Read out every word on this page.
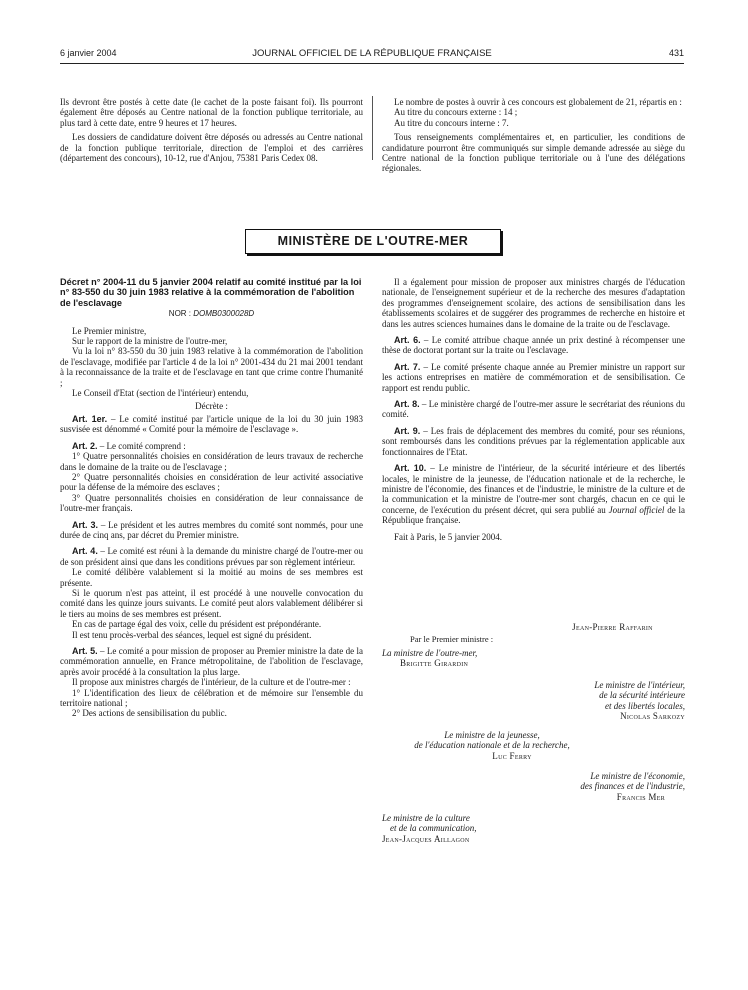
6 janvier 2004	JOURNAL OFFICIEL DE LA RÉPUBLIQUE FRANÇAISE	431

Ils devront être postés à cette date (le cachet de la poste faisant foi). Ils pourront également être déposés au Centre national de la fonction publique territoriale, au plus tard à cette date, entre 9 heures et 17 heures.

Les dossiers de candidature doivent être déposés ou adressés au Centre national de la fonction publique territoriale, direction de l'emploi et des carrières (département des concours), 10-12, rue d'Anjou, 75381 Paris Cedex 08.

Le nombre de postes à ouvrir à ces concours est globalement de 21, répartis en :

Au titre du concours externe : 14 ;

Au titre du concours interne : 7.

Tous renseignements complémentaires et, en particulier, les conditions de candidature pourront être communiqués sur simple demande adressée au siège du Centre national de la fonction publique territoriale ou à l'une des délégations régionales.

MINISTÈRE DE L'OUTRE-MER
Décret n° 2004-11 du 5 janvier 2004 relatif au comité institué par la loi n° 83-550 du 30 juin 1983 relative à la commémoration de l'abolition de l'esclavage
NOR : DOMB0300028D

Le Premier ministre,

Sur le rapport de la ministre de l'outre-mer,

Vu la loi n° 83-550 du 30 juin 1983 relative à la commémoration de l'abolition de l'esclavage, modifiée par l'article 4 de la loi n° 2001-434 du 21 mai 2001 tendant à la reconnaissance de la traite et de l'esclavage en tant que crime contre l'humanité ;

Le Conseil d'Etat (section de l'intérieur) entendu,

Décrète :

Art. 1er. – Le comité institué par l'article unique de la loi du 30 juin 1983 susvisée est dénommé « Comité pour la mémoire de l'esclavage ».

Art. 2. – Le comité comprend :

1° Quatre personnalités choisies en considération de leurs travaux de recherche dans le domaine de la traite ou de l'esclavage ;

2° Quatre personnalités choisies en considération de leur activité associative pour la défense de la mémoire des esclaves ;

3° Quatre personnalités choisies en considération de leur connaissance de l'outre-mer français.

Art. 3. – Le président et les autres membres du comité sont nommés, pour une durée de cinq ans, par décret du Premier ministre.

Art. 4. – Le comité est réuni à la demande du ministre chargé de l'outre-mer ou de son président ainsi que dans les conditions prévues par son règlement intérieur.

Le comité délibère valablement si la moitié au moins de ses membres est présente.

Si le quorum n'est pas atteint, il est procédé à une nouvelle convocation du comité dans les quinze jours suivants. Le comité peut alors valablement délibérer si le tiers au moins de ses membres est présent.

En cas de partage égal des voix, celle du président est prépondérante.

Il est tenu procès-verbal des séances, lequel est signé du président.

Art. 5. – Le comité a pour mission de proposer au Premier ministre la date de la commémoration annuelle, en France métropolitaine, de l'abolition de l'esclavage, après avoir procédé à la consultation la plus large.

Il propose aux ministres chargés de l'intérieur, de la culture et de l'outre-mer :

1° L'identification des lieux de célébration et de mémoire sur l'ensemble du territoire national ;

2° Des actions de sensibilisation du public.

Il a également pour mission de proposer aux ministres chargés de l'éducation nationale, de l'enseignement supérieur et de la recherche des mesures d'adaptation des programmes d'enseignement scolaire, des actions de sensibilisation dans les établissements scolaires et de suggérer des programmes de recherche en histoire et dans les autres sciences humaines dans le domaine de la traite ou de l'esclavage.

Art. 6. – Le comité attribue chaque année un prix destiné à récompenser une thèse de doctorat portant sur la traite ou l'esclavage.

Art. 7. – Le comité présente chaque année au Premier ministre un rapport sur les actions entreprises en matière de commémoration et de sensibilisation. Ce rapport est rendu public.

Art. 8. – Le ministère chargé de l'outre-mer assure le secrétariat des réunions du comité.

Art. 9. – Les frais de déplacement des membres du comité, pour ses réunions, sont remboursés dans les conditions prévues par la réglementation applicable aux fonctionnaires de l'Etat.

Art. 10. – Le ministre de l'intérieur, de la sécurité intérieure et des libertés locales, le ministre de la jeunesse, de l'éducation nationale et de la recherche, le ministre de l'économie, des finances et de l'industrie, le ministre de la culture et de la communication et la ministre de l'outre-mer sont chargés, chacun en ce qui le concerne, de l'exécution du présent décret, qui sera publié au Journal officiel de la République française.

Fait à Paris, le 5 janvier 2004.

Jean-Pierre Raffarin
Par le Premier ministre :
La ministre de l'outre-mer,
Brigitte Girardin
Le ministre de l'intérieur,
de la sécurité intérieure
et des libertés locales,
Nicolas Sarkozy
Le ministre de la jeunesse,
de l'éducation nationale et de la recherche,
Luc Ferry
Le ministre de l'économie,
des finances et de l'industrie,
Francis Mer
Le ministre de la culture
et de la communication,
Jean-Jacques Aillagon
